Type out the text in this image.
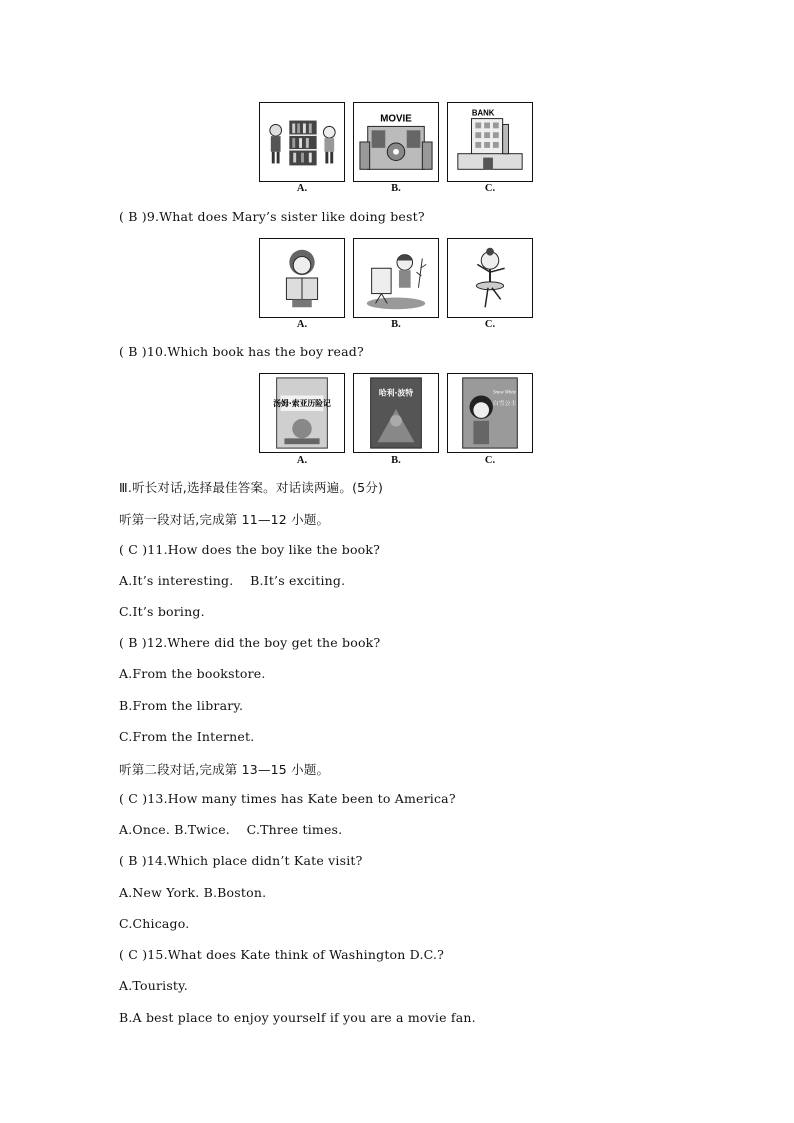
A.
MOVIE
B.
BANK
C.
( B )9.What does Mary’s sister like doing best?
A.	B.	C.
( B )10.Which book has the boy read?
汤姆·索亚历险记
A.
哈利·波特
B.
Snow White
白雪公主
C.
Ⅲ.听长对话,选择最佳答案。对话读两遍。(5分)
听第一段对话,完成第 11—12 小题。
( C )11.How does the boy like the book?
A.It’s interesting.    B.It’s exciting.
C.It’s boring.
( B )12.Where did the boy get the book?
A.From the bookstore.
B.From the library.
C.From the Internet.
听第二段对话,完成第 13—15 小题。
( C )13.How many times has Kate been to America?
A.Once. B.Twice.    C.Three times.
( B )14.Which place didn’t Kate visit?
A.New York. B.Boston.
C.Chicago.
( C )15.What does Kate think of Washington D.C.?
A.Touristy.
B.A best place to enjoy yourself if you are a movie fan.
